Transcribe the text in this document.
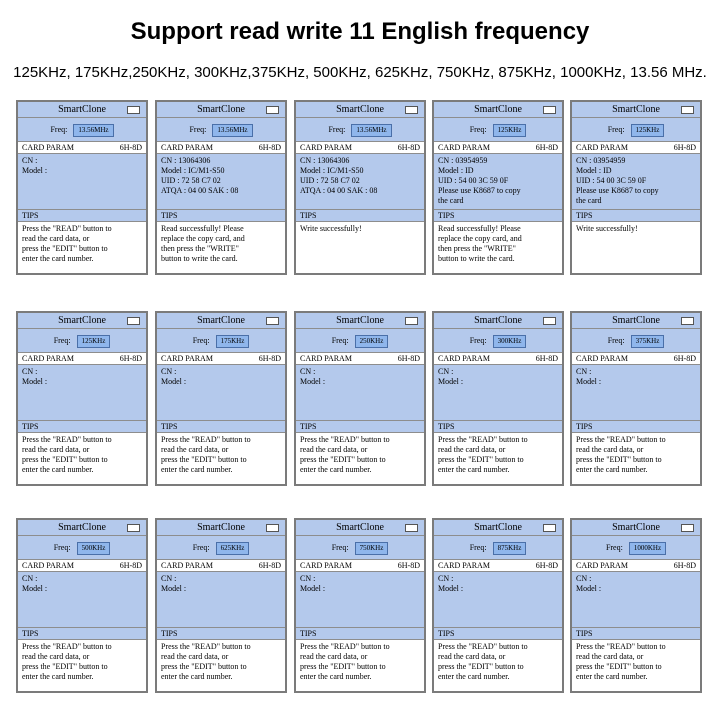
Support read write 11 English frequency
125KHz, 175KHz,250KHz, 300KHz,375KHz, 500KHz, 625KHz, 750KHz, 875KHz, 1000KHz, 13.56 MHz.
SmartClone
Freq: 13.56MHz
CARD PARAM	6H-8D
CN :
Model :
TIPS
Press the "READ" button to
read the card data, or
press the "EDIT" button to
enter the card number.
SmartClone
Freq: 13.56MHz
CARD PARAM	6H-8D
CN : 13064306
Model : IC/M1-S50
UID : 72 58 C7 02
ATQA : 04 00 SAK : 08
TIPS
Read successfully! Please
replace the copy card, and
then press the "WRITE"
button to write the card.
SmartClone
Freq: 13.56MHz
CARD PARAM	6H-8D
CN : 13064306
Model : IC/M1-S50
UID : 72 58 C7 02
ATQA : 04 00 SAK : 08
TIPS
Write successfully!
SmartClone
Freq: 125KHz
CARD PARAM	6H-8D
CN : 03954959
Model : ID
UID : 54 00 3C 59 0F
Please use K8687 to copy
the card
TIPS
Read successfully! Please
replace the copy card, and
then press the "WRITE"
button to write the card.
SmartClone
Freq: 125KHz
CARD PARAM	6H-8D
CN : 03954959
Model : ID
UID : 54 00 3C 59 0F
Please use K8687 to copy
the card
TIPS
Write successfully!
SmartClone
Freq: 125KHz
CARD PARAM	6H-8D
CN :
Model :
TIPS
Press the "READ" button to
read the card data, or
press the "EDIT" button to
enter the card number.
SmartClone
Freq: 175KHz
CARD PARAM	6H-8D
CN :
Model :
TIPS
Press the "READ" button to
read the card data, or
press the "EDIT" button to
enter the card number.
SmartClone
Freq: 250KHz
CARD PARAM	6H-8D
CN :
Model :
TIPS
Press the "READ" button to
read the card data, or
press the "EDIT" button to
enter the card number.
SmartClone
Freq: 300KHz
CARD PARAM	6H-8D
CN :
Model :
TIPS
Press the "READ" button to
read the card data, or
press the "EDIT" button to
enter the card number.
SmartClone
Freq: 375KHz
CARD PARAM	6H-8D
CN :
Model :
TIPS
Press the "READ" button to
read the card data, or
press the "EDIT" button to
enter the card number.
SmartClone
Freq: 500KHz
CARD PARAM	6H-8D
CN :
Model :
TIPS
Press the "READ" button to
read the card data, or
press the "EDIT" button to
enter the card number.
SmartClone
Freq: 625KHz
CARD PARAM	6H-8D
CN :
Model :
TIPS
Press the "READ" button to
read the card data, or
press the "EDIT" button to
enter the card number.
SmartClone
Freq: 750KHz
CARD PARAM	6H-8D
CN :
Model :
TIPS
Press the "READ" button to
read the card data, or
press the "EDIT" button to
enter the card number.
SmartClone
Freq: 875KHz
CARD PARAM	6H-8D
CN :
Model :
TIPS
Press the "READ" button to
read the card data, or
press the "EDIT" button to
enter the card number.
SmartClone
Freq: 1000KHz
CARD PARAM	6H-8D
CN :
Model :
TIPS
Press the "READ" button to
read the card data, or
press the "EDIT" button to
enter the card number.
